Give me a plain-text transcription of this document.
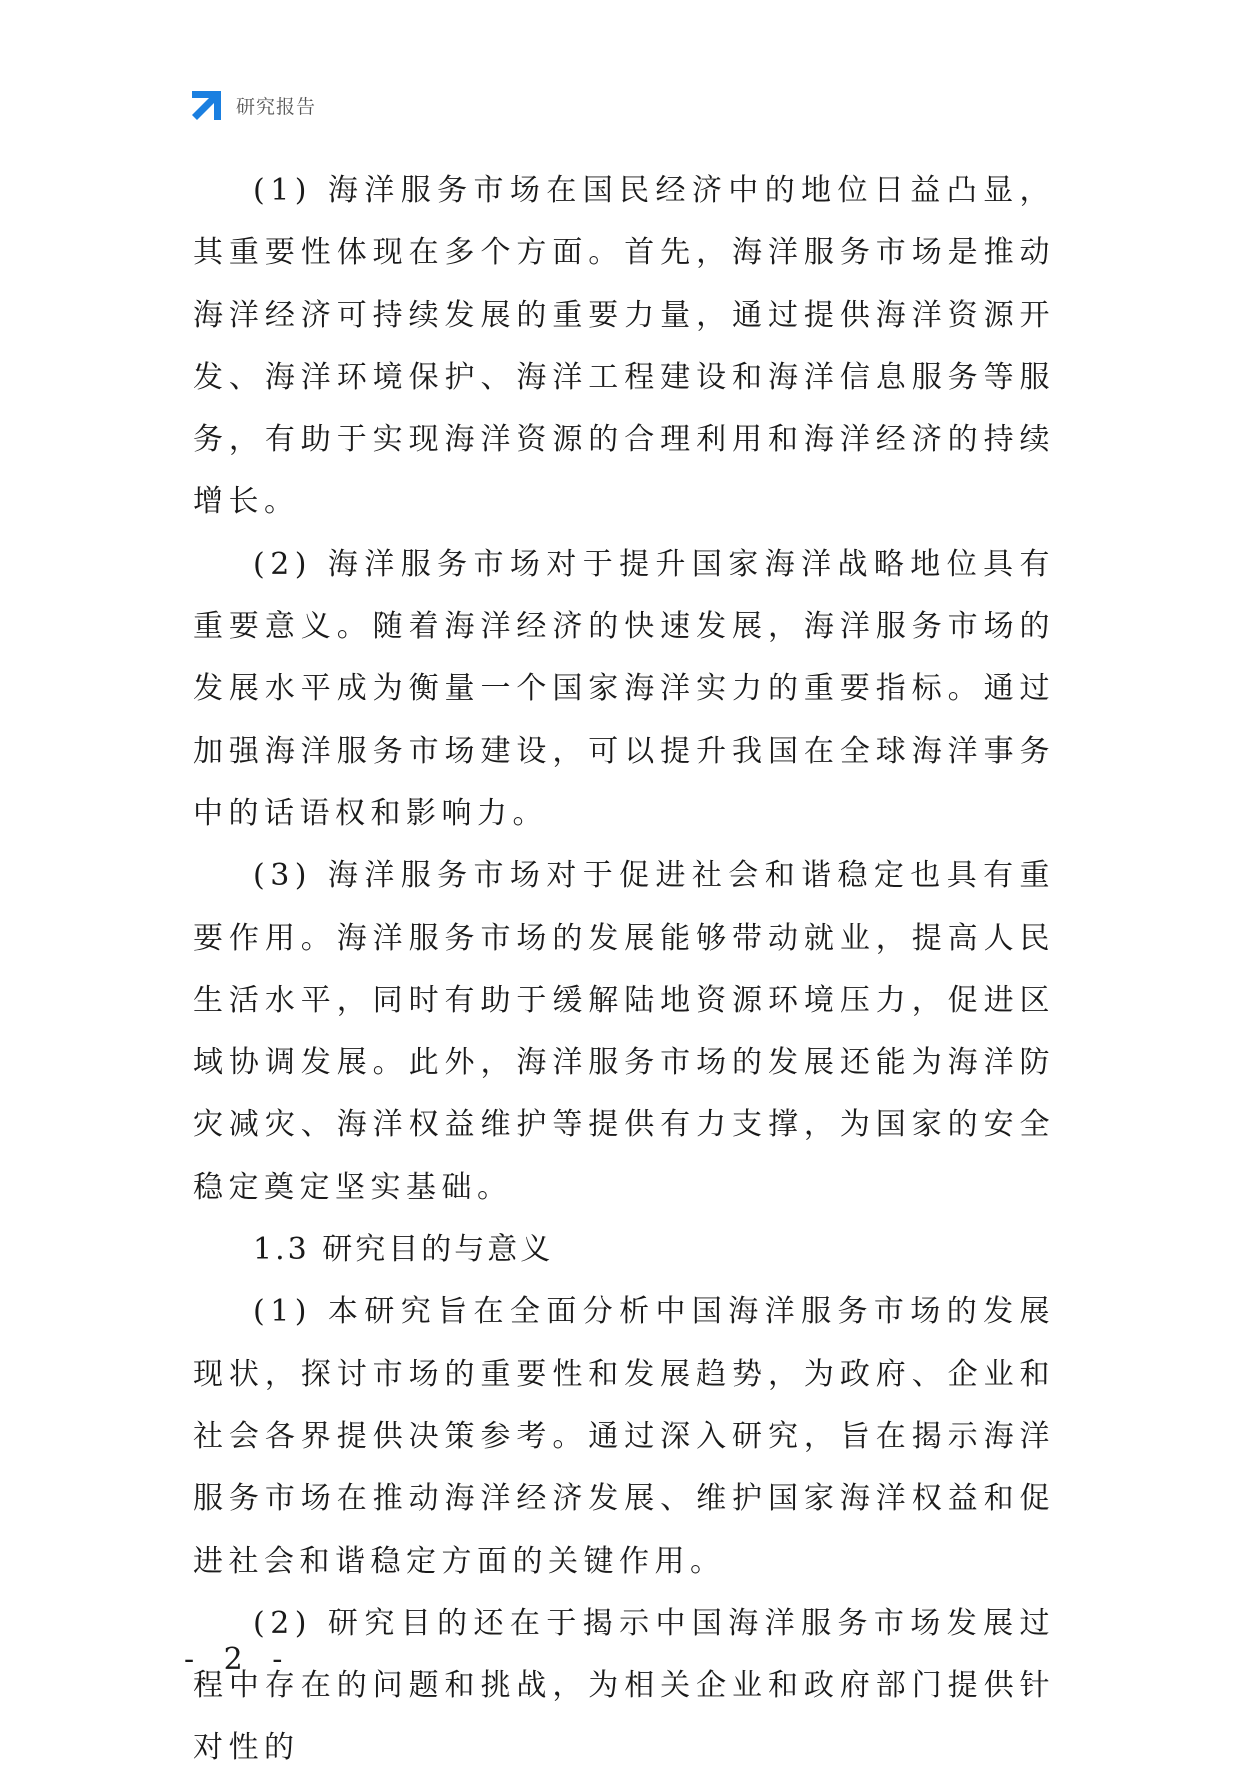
研究报告

(1) 海洋服务市场在国民经济中的地位日益凸显，其重要性体现在多个方面。首先，海洋服务市场是推动海洋经济可持续发展的重要力量，通过提供海洋资源开发、海洋环境保护、海洋工程建设和海洋信息服务等服务，有助于实现海洋资源的合理利用和海洋经济的持续增长。

(2) 海洋服务市场对于提升国家海洋战略地位具有重要意义。随着海洋经济的快速发展，海洋服务市场的发展水平成为衡量一个国家海洋实力的重要指标。通过加强海洋服务市场建设，可以提升我国在全球海洋事务中的话语权和影响力。

(3) 海洋服务市场对于促进社会和谐稳定也具有重要作用。海洋服务市场的发展能够带动就业，提高人民生活水平，同时有助于缓解陆地资源环境压力，促进区域协调发展。此外，海洋服务市场的发展还能为海洋防灾减灾、海洋权益维护等提供有力支撑，为国家的安全稳定奠定坚实基础。

1.3 研究目的与意义

(1) 本研究旨在全面分析中国海洋服务市场的发展现状，探讨市场的重要性和发展趋势，为政府、企业和社会各界提供决策参考。通过深入研究，旨在揭示海洋服务市场在推动海洋经济发展、维护国家海洋权益和促进社会和谐稳定方面的关键作用。

(2) 研究目的还在于揭示中国海洋服务市场发展过程中存在的问题和挑战，为相关企业和政府部门提供针对性的

- 2 -
